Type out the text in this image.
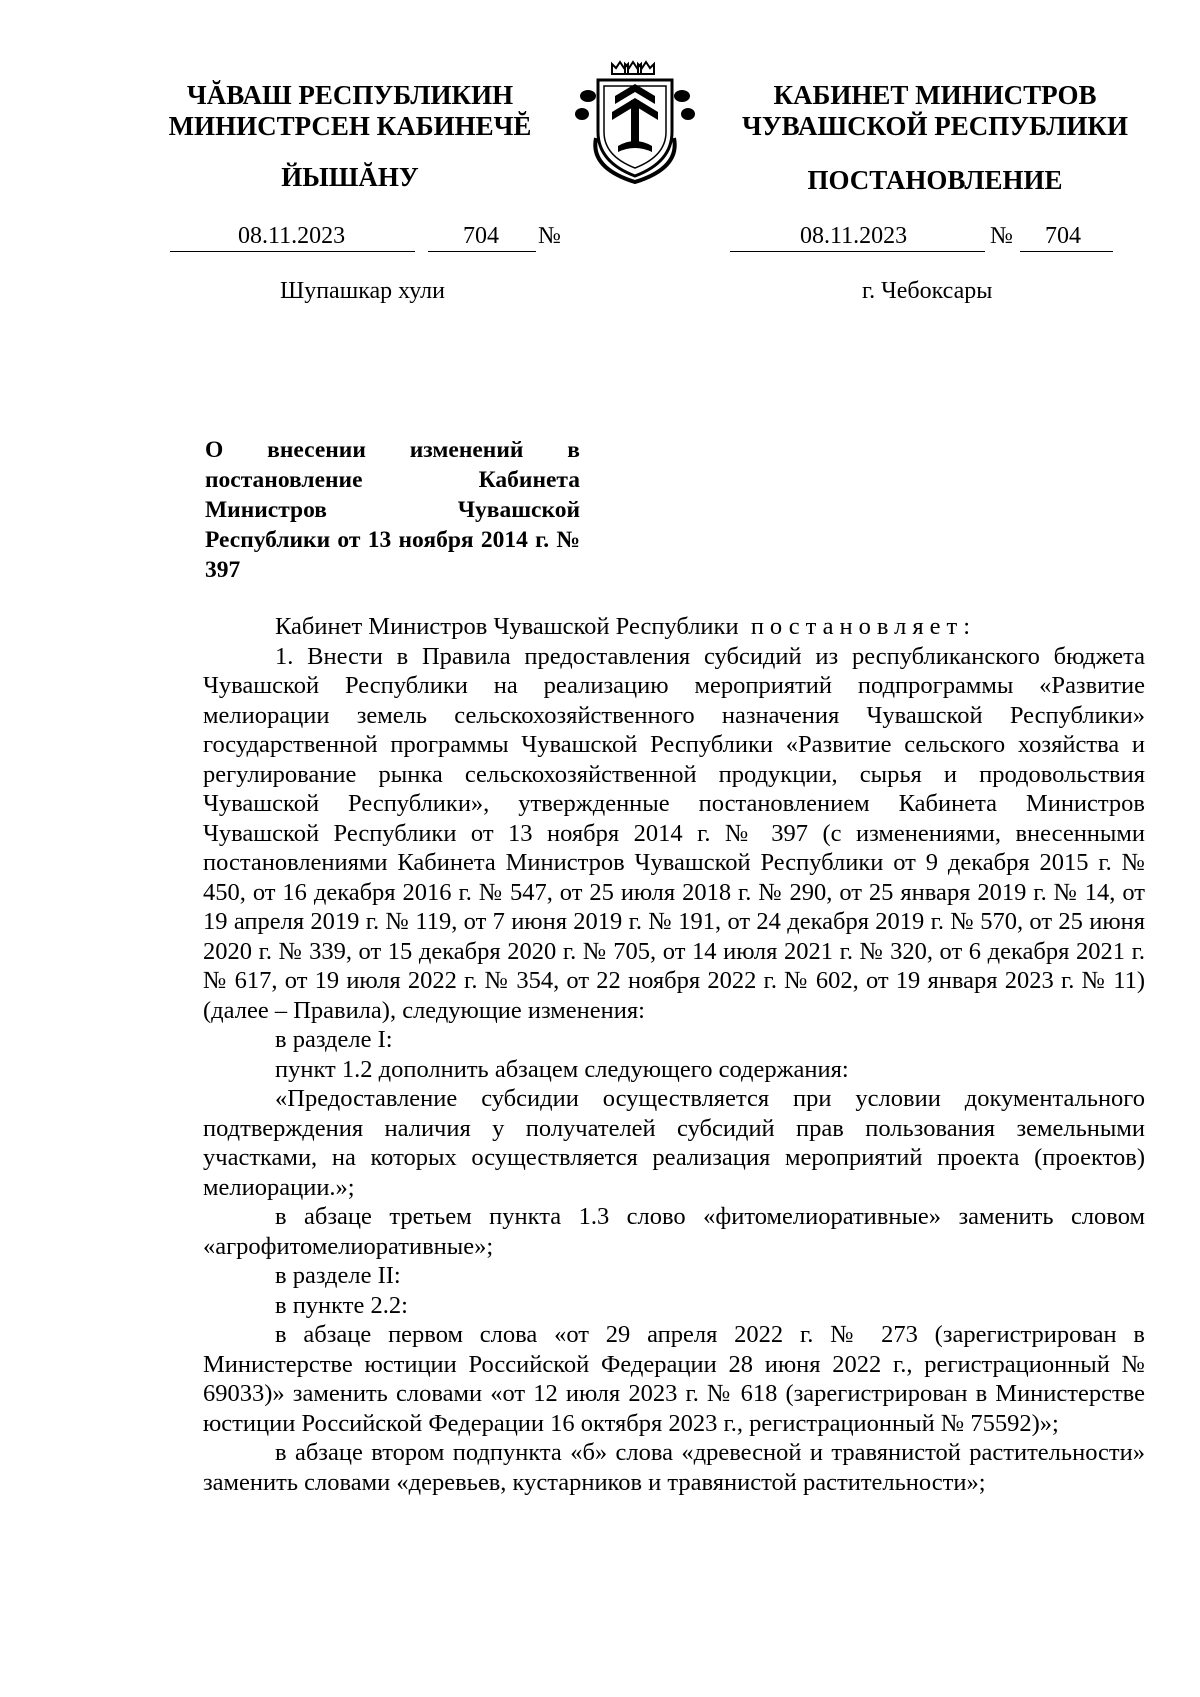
ЧĂВАШ РЕСПУБЛИКИН
МИНИСТРСЕН КАБИНЕЧĔ
ЙЫШĂНУ
КАБИНЕТ МИНИСТРОВ
ЧУВАШСКОЙ РЕСПУБЛИКИ
ПОСТАНОВЛЕНИЕ
08.11.2023	704 №	08.11.2023	№ 704
Шупашкар хули	г. Чебоксары
О внесении изменений в постановление Кабинета Министров Чувашской Республики от 13 ноября 2014 г. № 397

Кабинет Министров Чувашской Республики постановляет:

1. Внести в Правила предоставления субсидий из республиканского бюджета Чувашской Республики на реализацию мероприятий подпрограммы «Развитие мелиорации земель сельскохозяйственного назначения Чувашской Республики» государственной программы Чувашской Республики «Развитие сельского хозяйства и регулирование рынка сельскохозяйственной продукции, сырья и продовольствия Чувашской Республики», утвержденные постановлением Кабинета Министров Чувашской Республики от 13 ноября 2014 г. № 397 (с изменениями, внесенными постановлениями Кабинета Министров Чувашской Республики от 9 декабря 2015 г. № 450, от 16 декабря 2016 г. № 547, от 25 июля 2018 г. № 290, от 25 января 2019 г. № 14, от 19 апреля 2019 г. № 119, от 7 июня 2019 г. № 191, от 24 декабря 2019 г. № 570, от 25 июня 2020 г. № 339, от 15 декабря 2020 г. № 705, от 14 июля 2021 г. № 320, от 6 декабря 2021 г. № 617, от 19 июля 2022 г. № 354, от 22 ноября 2022 г. № 602, от 19 января 2023 г. № 11) (далее – Правила), следующие изменения:

в разделе I:

пункт 1.2 дополнить абзацем следующего содержания:

«Предоставление субсидии осуществляется при условии документального подтверждения наличия у получателей субсидий прав пользования земельными участками, на которых осуществляется реализация мероприятий проекта (проектов) мелиорации.»;

в абзаце третьем пункта 1.3 слово «фитомелиоративные» заменить словом «агрофитомелиоративные»;

в разделе II:

в пункте 2.2:

в абзаце первом слова «от 29 апреля 2022 г. № 273 (зарегистрирован в Министерстве юстиции Российской Федерации 28 июня 2022 г., регистрационный № 69033)» заменить словами «от 12 июля 2023 г. № 618 (зарегистрирован в Министерстве юстиции Российской Федерации 16 октября 2023 г., регистрационный № 75592)»;

в абзаце втором подпункта «б» слова «древесной и травянистой растительности» заменить словами «деревьев, кустарников и травянистой растительности»;
